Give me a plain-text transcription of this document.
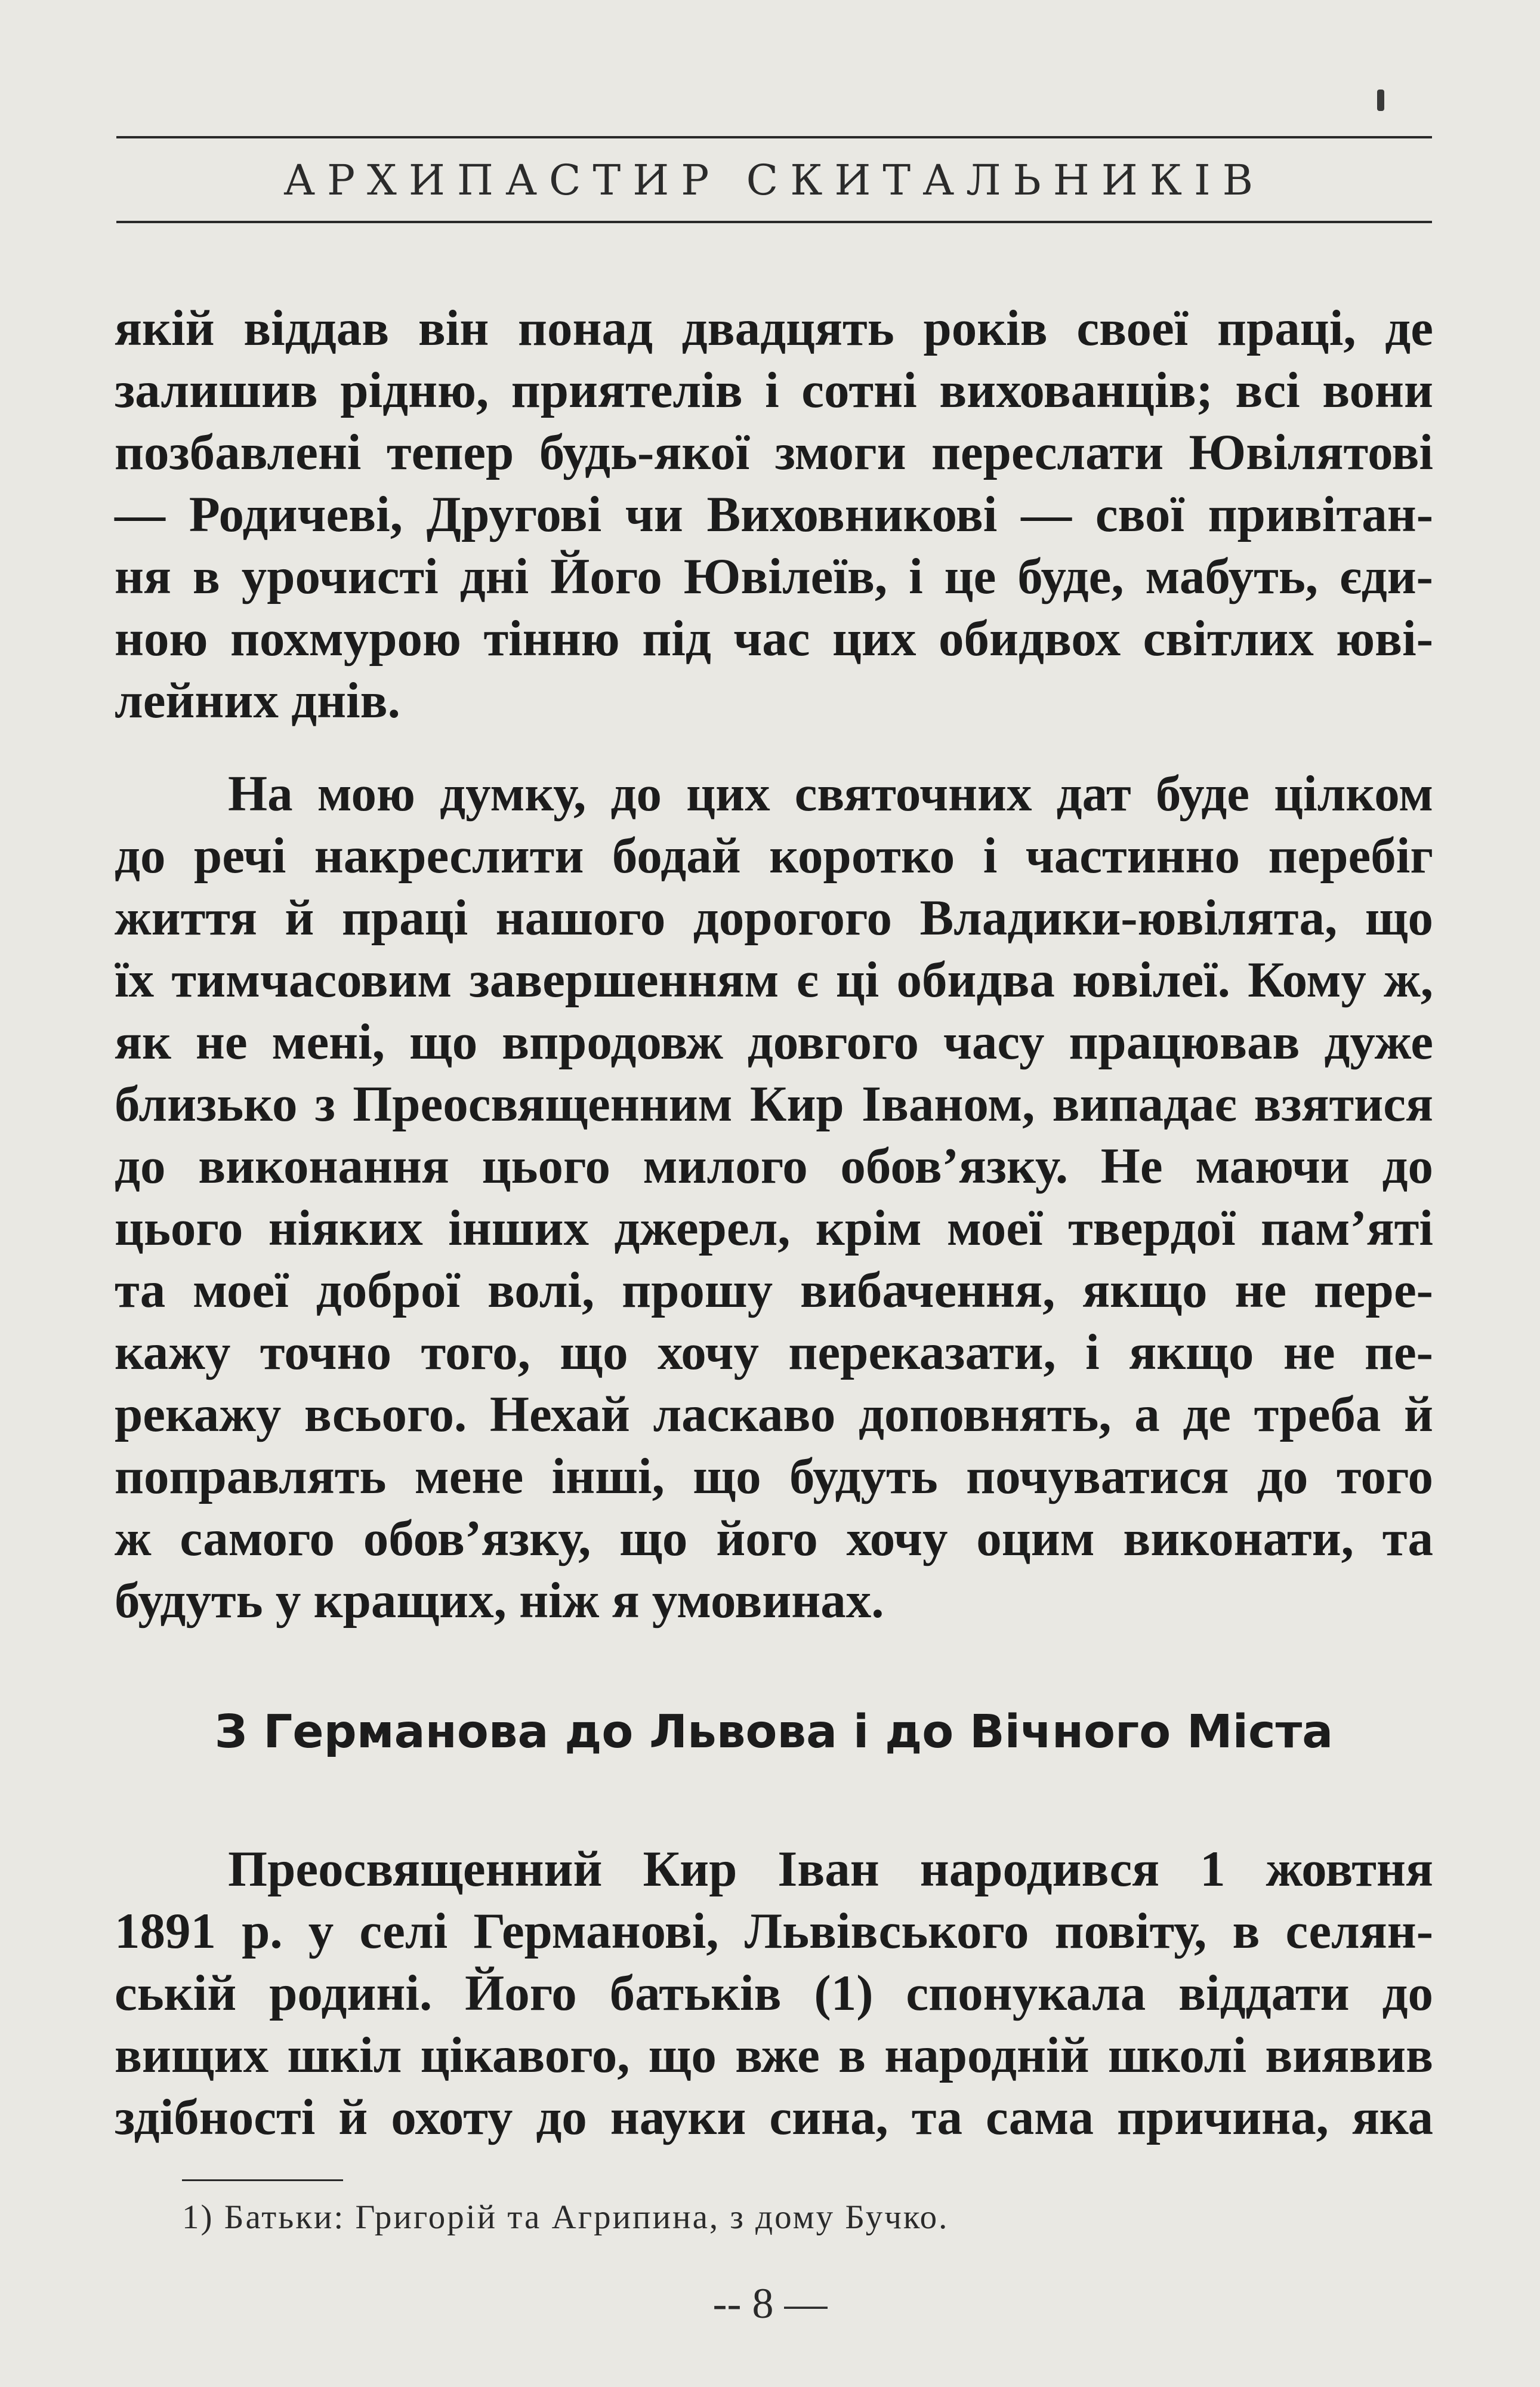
АРХИПАСТИР СКИТАЛЬНИКІВ
якій віддав він понад двадцять років своеї праці, де
залишив рідню, приятелів і сотні вихованців; всі вони
позбавлені тепер будь-якої змоги переслати Ювілятові
— Родичеві, Другові чи Виховникові — свої привітан-
ня в урочисті дні Його Ювілеїв, і це буде, мабуть, єди-
ною похмурою тінню під час цих обидвох світлих юві-
лейних днів.
На мою думку, до цих святочних дат буде цілком
до речі накреслити бодай коротко і частинно перебіг
життя й праці нашого дорогого Владики-ювілята, що
їх тимчасовим завершенням є ці обидва ювілеї. Кому ж,
як не мені, що впродовж довгого часу працював дуже
близько з Преосвященним Кир Іваном, випадає взятися
до виконання цього милого обов’язку. Не маючи до
цього ніяких інших джерел, крім моеї твердої пам’яті
та моеї доброї волі, прошу вибачення, якщо не пере-
кажу точно того, що хочу переказати, і якщо не пе-
рекажу всього. Нехай ласкаво доповнять, а де треба й
поправлять мене інші, що будуть почуватися до того
ж самого обов’язку, що його хочу оцим виконати, та
будуть у кращих, ніж я умовинах.
З Германова до Львова і до Вічного Міста
Преосвященний Кир Іван народився 1 жовтня
1891 р. у селі Германові, Львівського повіту, в селян-
ській родині. Його батьків (1) спонукала віддати до
вищих шкіл цікавого, що вже в народній школі виявив
здібності й охоту до науки сина, та сама причина, яка
1) Батьки: Григорій та Агрипина, з дому Бучко.
-- 8 —
